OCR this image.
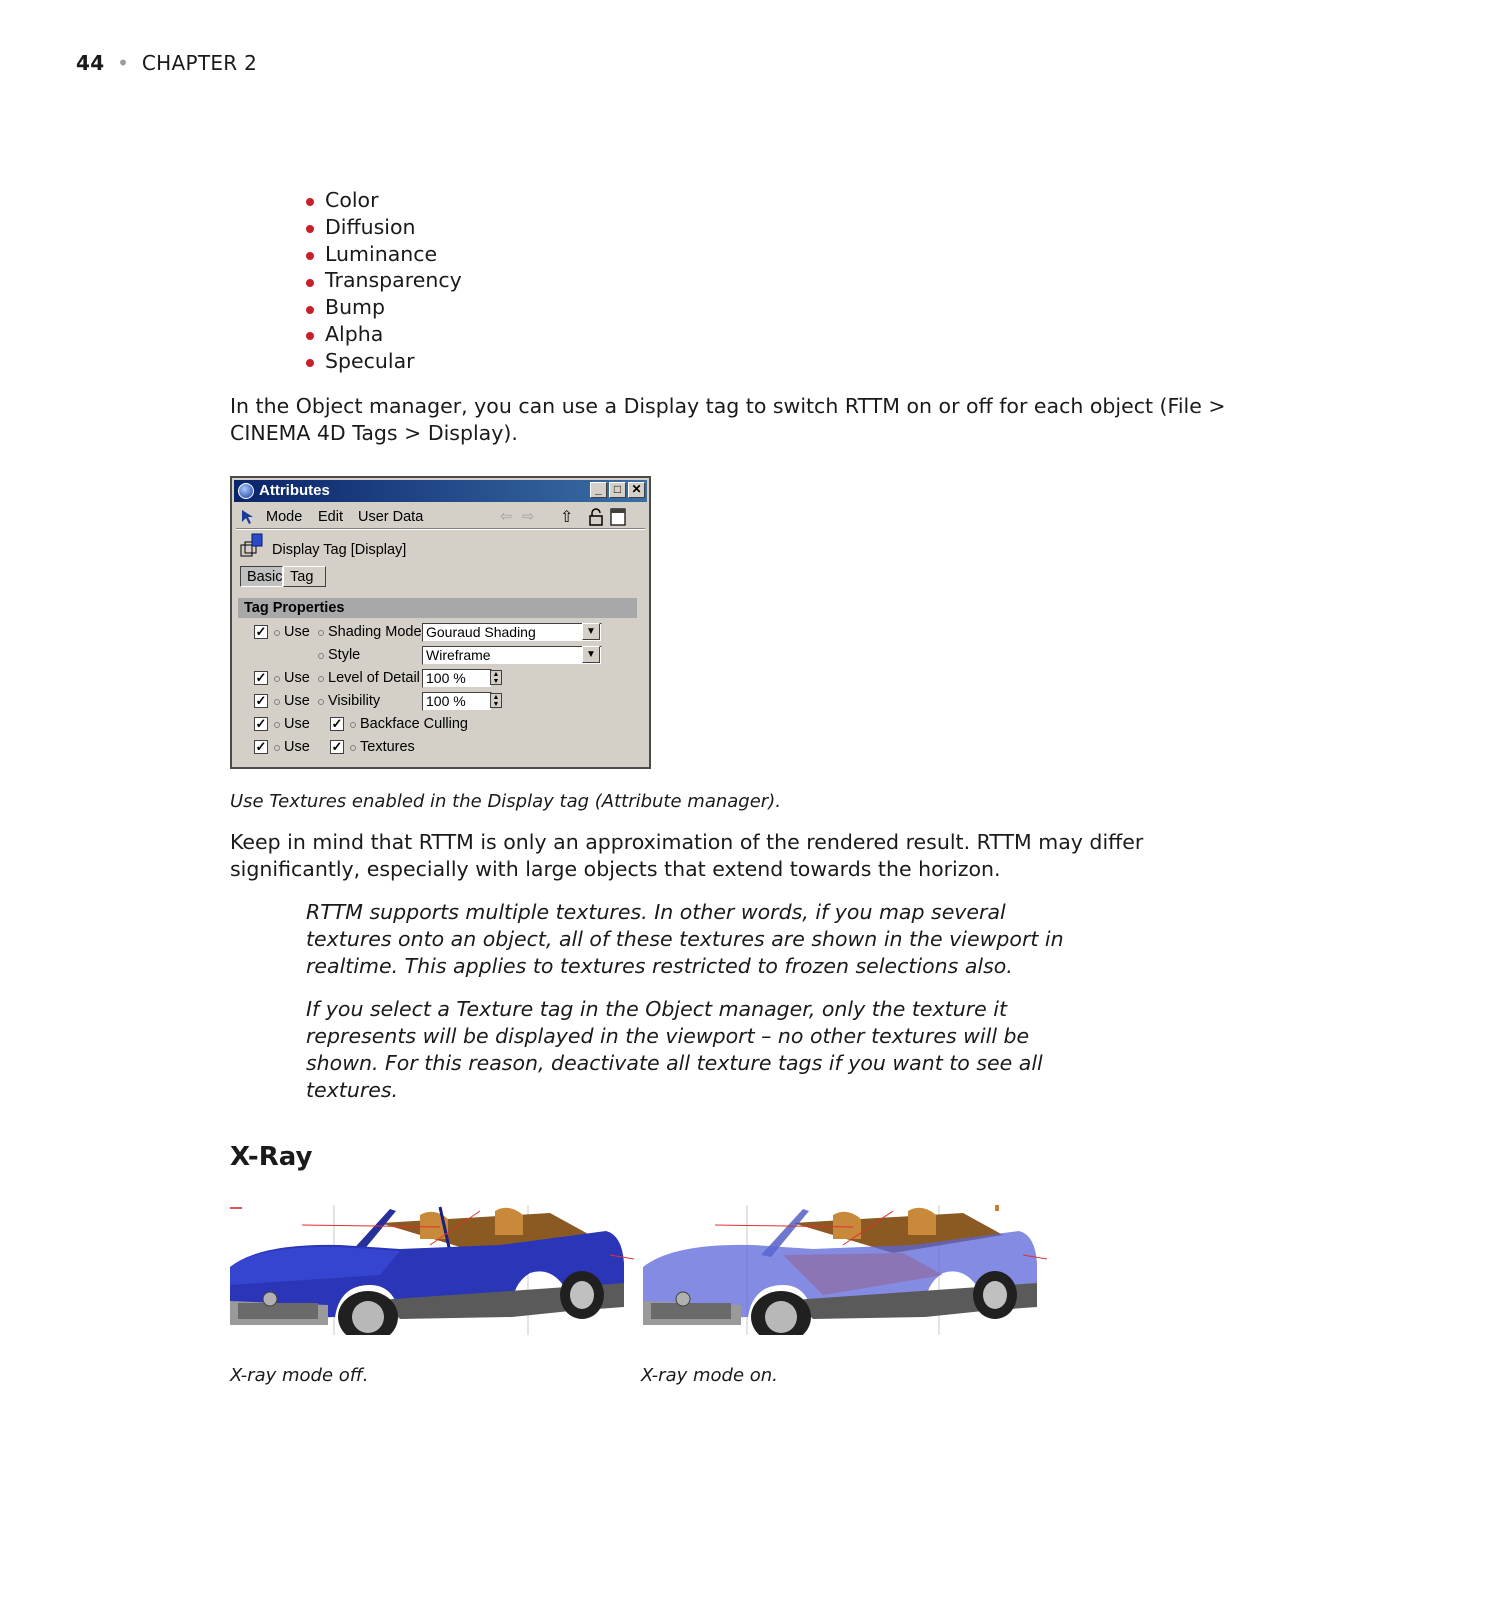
44 • CHAPTER 2
Color
Diffusion
Luminance
Transparency
Bump
Alpha
Specular

In the Object manager, you can use a Display tag to switch RTTM on or off for each object (File > CINEMA 4D Tags > Display).

Attributes	_	□ ✕
Mode Edit User Data	⇦ ⇨ ⇧
Display Tag [Display]
Basic Tag
Tag Properties
✓ Use Shading Mode Gouraud Shading	▼
Style	Wireframe	▼
✓ Use Level of Detail 100 %	▲
▼
✓ Use Visibility	100 %	▲
▼
✓ Use ✓ Backface Culling
✓ Use ✓ Textures

Use Textures enabled in the Display tag (Attribute manager).

Keep in mind that RTTM is only an approximation of the rendered result. RTTM may differ significantly, especially with large objects that extend towards the horizon.

RTTM supports multiple textures. In other words, if you map several textures onto an object, all of these textures are shown in the viewport in realtime. This applies to textures restricted to frozen selections also.

If you select a Texture tag in the Object manager, only the texture it represents will be displayed in the viewport – no other textures will be shown. For this reason, deactivate all texture tags if you want to see all textures.

X-Ray

X-ray mode off.	X-ray mode on.
